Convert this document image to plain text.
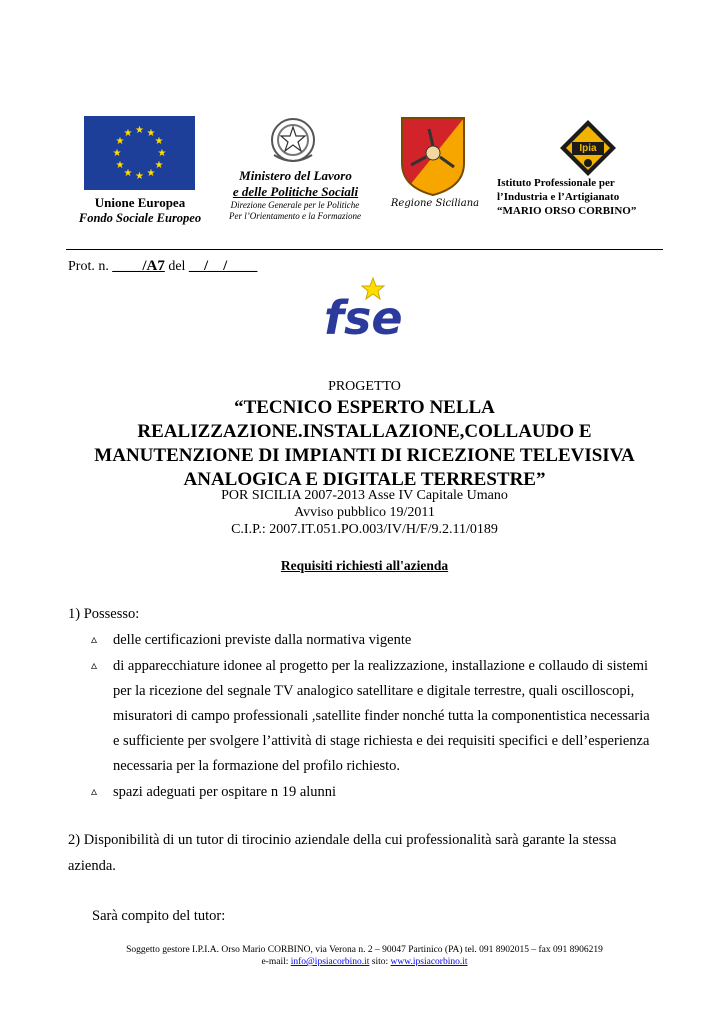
★ ★
★
★
★
★
★
★
★
★
★
★
Unione Europea
Fondo Sociale Europeo
Ministero del Lavoro
e delle Politiche Sociali
Direzione Generale per le Politiche
Per l’Orientamento e la Formazione
Regione Siciliana
Ipia
Istituto Professionale per
l’Industria e l’Artigianato
“MARIO ORSO CORBINO”
Prot. n. ____/A7 del __/__/____
fse
PROGETTO
“TECNICO ESPERTO NELLA
REALIZZAZIONE.INSTALLAZIONE,COLLAUDO E
MANUTENZIONE DI IMPIANTI DI RICEZIONE TELEVISIVA
ANALOGICA E DIGITALE TERRESTRE”
POR SICILIA 2007-2013 Asse IV Capitale Umano
Avviso pubblico 19/2011
C.I.P.: 2007.IT.051.PO.003/IV/H/F/9.2.11/0189
Requisiti richiesti all'azienda
1) Possesso:
▵ delle certificazioni previste dalla normativa vigente
▵ di apparecchiature idonee al progetto per la realizzazione, installazione e collaudo di sistemi
per la ricezione del segnale TV analogico satellitare e digitale terrestre, quali oscilloscopi,
misuratori di campo professionali ,satellite finder nonché tutta la componentistica necessaria
e sufficiente per svolgere l’attività di stage richiesta e dei requisiti specifici e dell’esperienza
necessaria per la formazione del profilo richiesto.
▵ spazi adeguati per ospitare n 19 alunni
2) Disponibilità di un tutor di tirocinio aziendale della cui professionalità sarà garante la stessa
azienda.
Sarà compito del tutor:
Soggetto gestore I.P.I.A. Orso Mario CORBINO, via Verona n. 2 – 90047 Partinico (PA) tel. 091 8902015 – fax 091 8906219
e-mail: info@ipsiacorbino.it sito: www.ipsiacorbino.it
